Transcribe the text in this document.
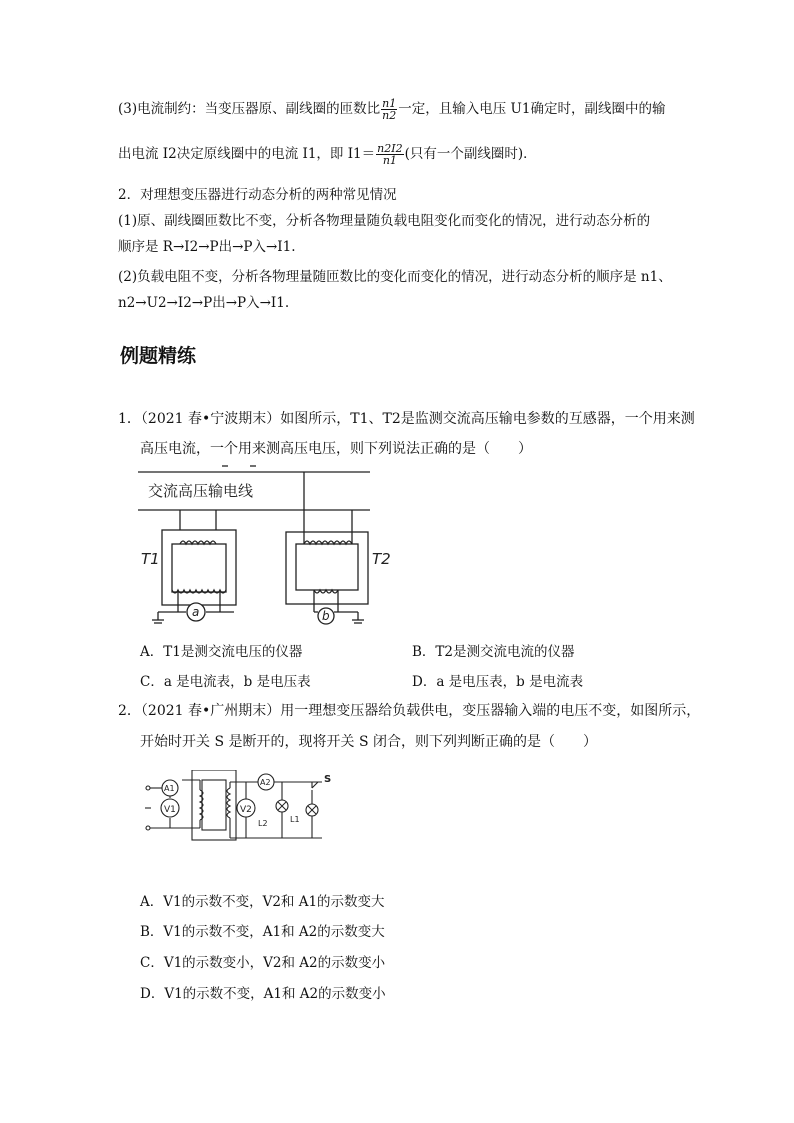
(3)电流制约：当变压器原、副线圈的匝数比 $\frac{n1}{n2}$ 一定，且输入电压 U1确定时，副线圈中的输
出电流 I2决定原线圈中的电流 I1，即 $I1= \frac{n2I2}{n1}$ (只有一个副线圈时)．
2．对理想变压器进行动态分析的两种常见情况
(1)原、副线圈匝数比不变，分析各物理量随负载电阻变化而变化的情况，进行动态分析的
顺序是 R→I2→P出→P入→I1.
(2)负载电阻不变，分析各物理量随匝数比的变化而变化的情况，进行动态分析的顺序是 n1、
n2→U2→I2→P出→P入→I1.
例题精练
1．（2021 春•宁波期末）如图所示，T1、T2是监测交流高压输电参数的互感器，一个用来测
高压电流，一个用来测高压电压，则下列说法正确的是（　　）
交流高压输电线
T1	T2
a	b
A．T1是测交流电压的仪器	B．T2是测交流电流的仪器
C．a 是电流表，b 是电压表	D．a 是电压表，b 是电流表
2．（2021 春•广州期末）用一理想变压器给负载供电，变压器输入端的电压不变，如图所示，
开始时开关 S 是断开的，现将开关 S 闭合，则下列判断正确的是（　　）
A1
V1
A2
V2
L2	L1
S
A．V1的示数不变，V2和 A1的示数变大
B．V1的示数不变，A1和 A2的示数变大
C．V1的示数变小，V2和 A2的示数变小
D．V1的示数不变，A1和 A2的示数变小
